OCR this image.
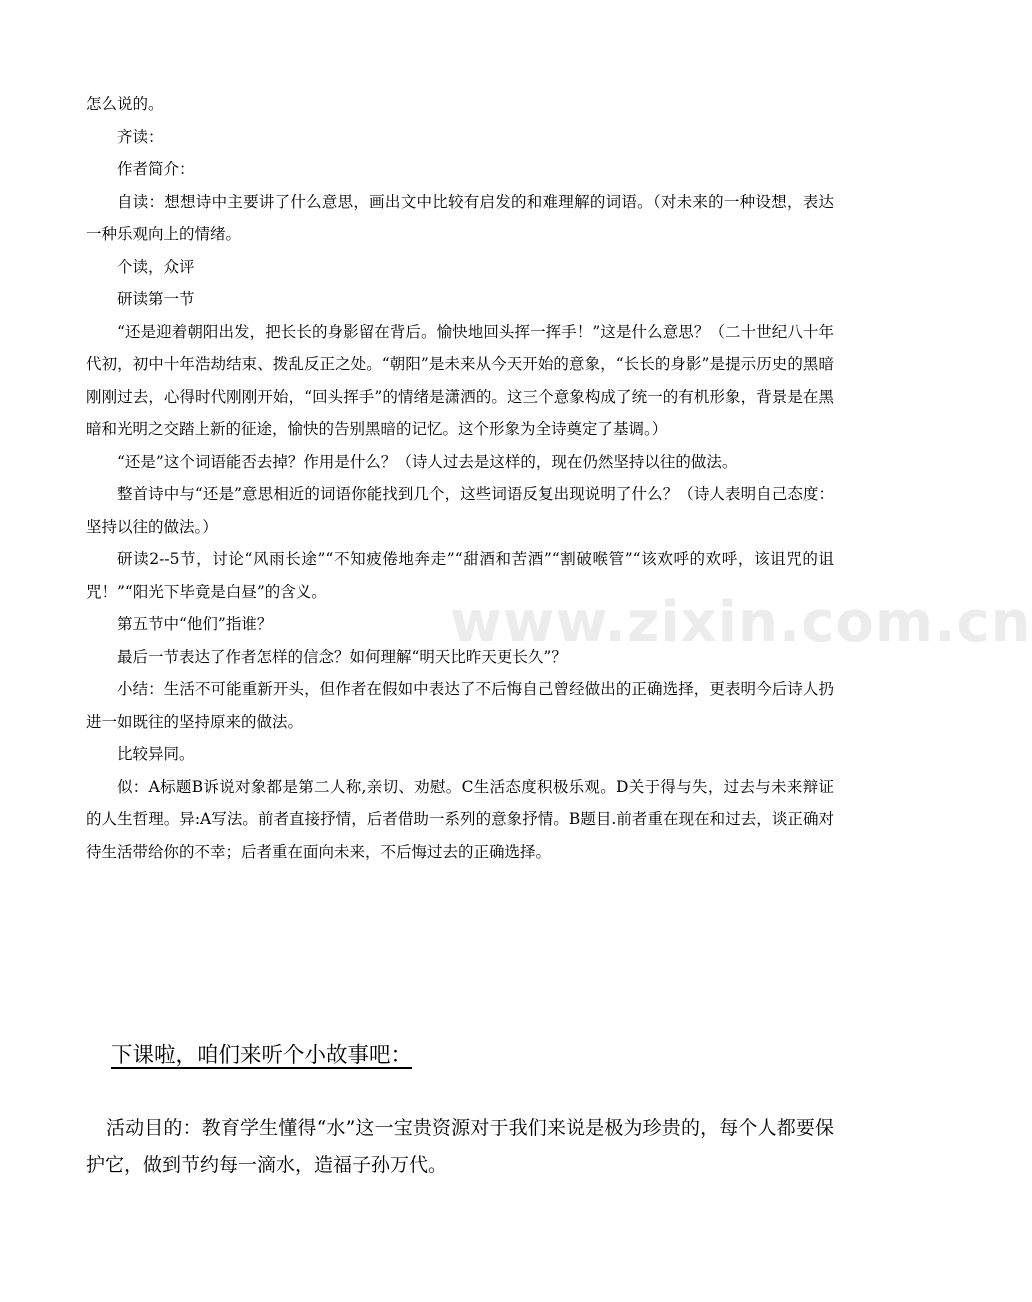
怎么说的。

齐读：

作者简介：

自读：想想诗中主要讲了什么意思，画出文中比较有启发的和难理解的词语。（对未来的一种设想，表达一种乐观向上的情绪。

个读，众评

研读第一节

“还是迎着朝阳出发，把长长的身影留在背后。愉快地回头挥一挥手！”这是什么意思？（二十世纪八十年代初，初中十年浩劫结束、拨乱反正之处。“朝阳”是未来从今天开始的意象，“长长的身影”是提示历史的黑暗刚刚过去，心得时代刚刚开始，“回头挥手”的情绪是潇洒的。这三个意象构成了统一的有机形象，背景是在黑暗和光明之交踏上新的征途，愉快的告别黑暗的记忆。这个形象为全诗奠定了基调。）

“还是”这个词语能否去掉？作用是什么？（诗人过去是这样的，现在仍然坚持以往的做法。

整首诗中与“还是”意思相近的词语你能找到几个，这些词语反复出现说明了什么？（诗人表明自己态度：坚持以往的做法。）

研读2--5节，讨论“风雨长途”“不知疲倦地奔走”“甜酒和苦酒”“割破喉管”“该欢呼的欢呼，该诅咒的诅咒！”“阳光下毕竟是白昼”的含义。

第五节中“他们”指谁？

最后一节表达了作者怎样的信念？如何理解“明天比昨天更长久”？

小结：生活不可能重新开头，但作者在假如中表达了不后悔自己曾经做出的正确选择，更表明今后诗人扔进一如既往的坚持原来的做法。

比较异同。

似：A标题B诉说对象都是第二人称,亲切、劝慰。C生活态度积极乐观。D关于得与失，过去与未来辩证的人生哲理。异:A写法。前者直接抒情，后者借助一系列的意象抒情。B题目.前者重在现在和过去，谈正确对待生活带给你的不幸；后者重在面向未来，不后悔过去的正确选择。

www.zixin.com.cn
下课啦，咱们来听个小故事吧：

活动目的：教育学生懂得“水”这一宝贵资源对于我们来说是极为珍贵的，每个人都要保护它，做到节约每一滴水，造福子孙万代。
